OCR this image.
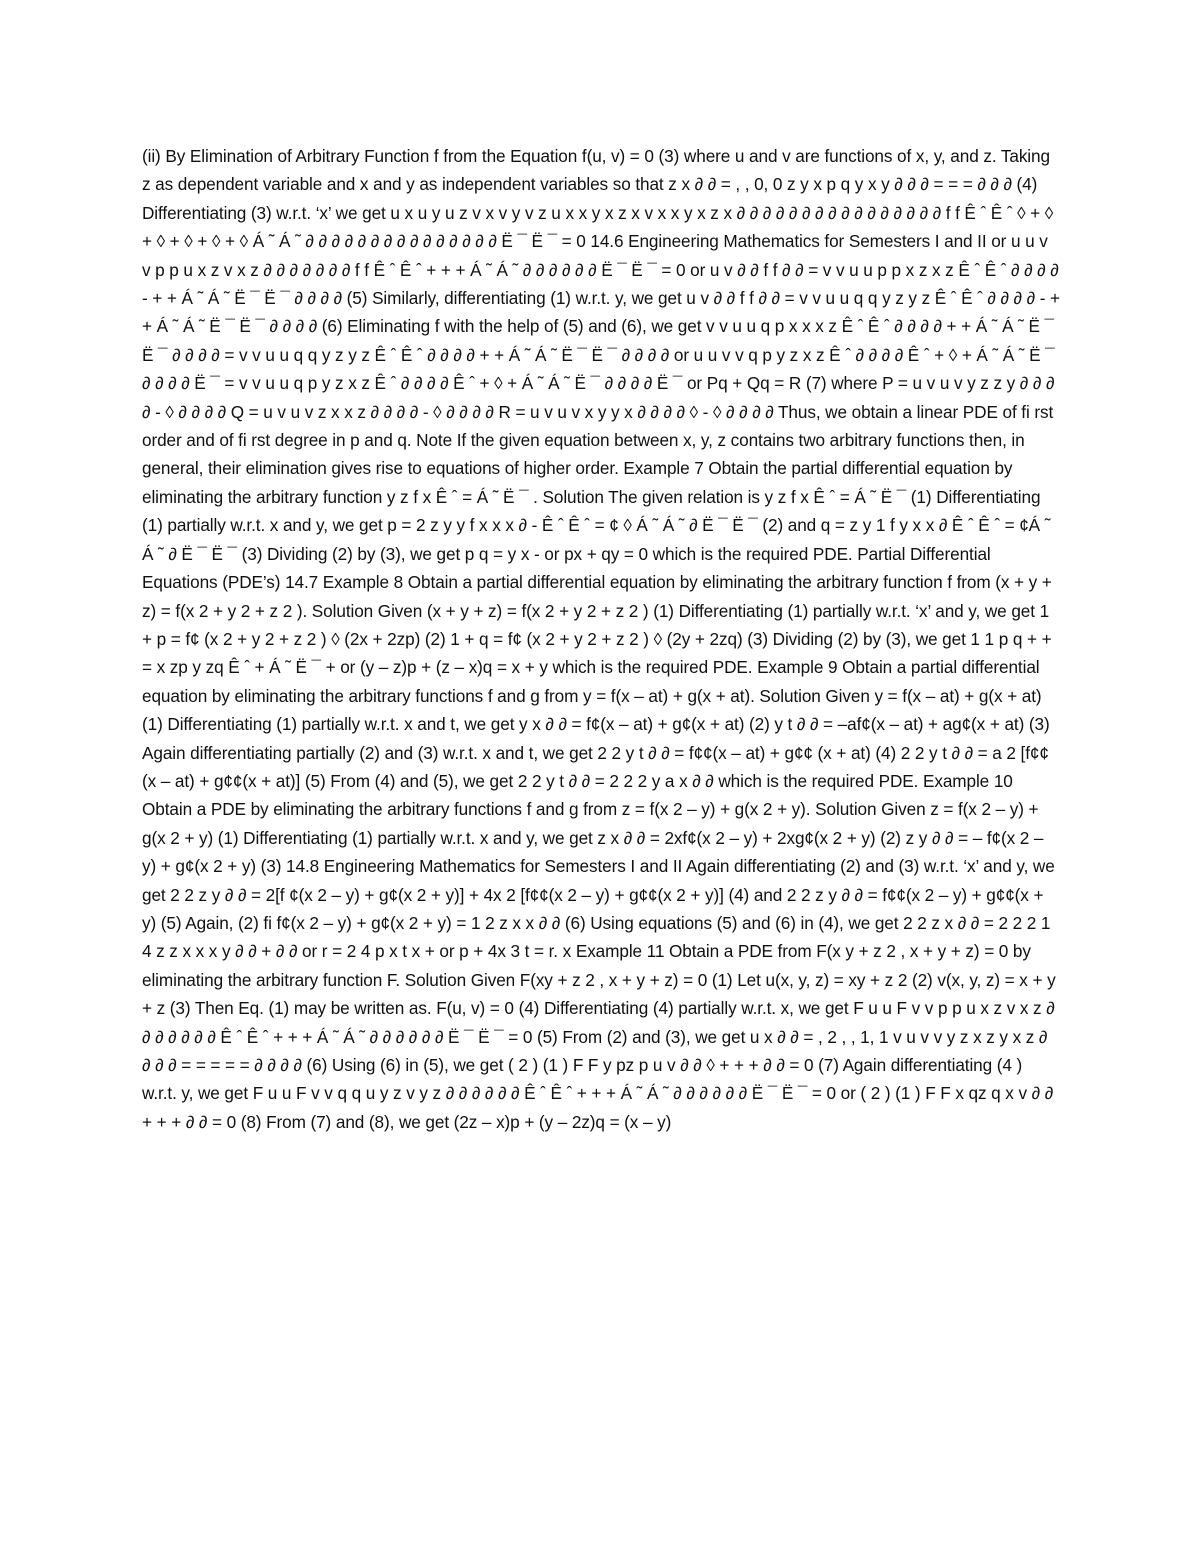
(ii) By Elimination of Arbitrary Function f from the Equation f(u, v) = 0 (3) where u and v are functions of x, y, and z. Taking z as dependent variable and x and y as independent variables so that z x ∂ ∂ = , , 0, 0 z y x p q y x y ∂ ∂ ∂ = = = ∂ ∂ ∂ (4) Differentiating (3) w.r.t. ‘x’ we get u x u y u z v x v y v z u x x y x z x v x x y x z x ∂ ∂ ∂ ∂ ∂ ∂ ∂ ∂ ∂ ∂ ∂ ∂ ∂ ∂ ∂ ∂ f f Ê ˆ Ê ˆ ◊ + ◊ + ◊ + ◊ + ◊ + ◊ Á ˜ Á ˜ ∂ ∂ ∂ ∂ ∂ ∂ ∂ ∂ ∂ ∂ ∂ ∂ ∂ ∂ ∂ Ë ¯ Ë ¯ = 0 14.6 Engineering Mathematics for Semesters I and II or u u v v p p u x z v x z ∂ ∂ ∂ ∂ ∂ ∂ ∂ f f Ê ˆ Ê ˆ + + + Á ˜ Á ˜ ∂ ∂ ∂ ∂ ∂ ∂ Ë ¯ Ë ¯ = 0 or u v ∂ ∂ f f ∂ ∂ = v v u u p p x z x z Ê ˆ Ê ˆ ∂ ∂ ∂ ∂ - + + Á ˜ Á ˜ Ë ¯ Ë ¯ ∂ ∂ ∂ ∂ (5) Similarly, differentiating (1) w.r.t. y, we get u v ∂ ∂ f f ∂ ∂ = v v u u q q y z y z Ê ˆ Ê ˆ ∂ ∂ ∂ ∂ - + + Á ˜ Á ˜ Ë ¯ Ë ¯ ∂ ∂ ∂ ∂ (6) Eliminating f with the help of (5) and (6), we get v v u u q p x x x z Ê ˆ Ê ˆ ∂ ∂ ∂ ∂ + + Á ˜ Á ˜ Ë ¯ Ë ¯ ∂ ∂ ∂ ∂ = v v u u q q y z y z Ê ˆ Ê ˆ ∂ ∂ ∂ ∂ + + Á ˜ Á ˜ Ë ¯ Ë ¯ ∂ ∂ ∂ ∂ or u u v v q p y z x z Ê ˆ ∂ ∂ ∂ ∂ Ê ˆ + ◊ + Á ˜ Á ˜ Ë ¯ ∂ ∂ ∂ ∂ Ë ¯ = v v u u q p y z x z Ê ˆ ∂ ∂ ∂ ∂ Ê ˆ + ◊ + Á ˜ Á ˜ Ë ¯ ∂ ∂ ∂ ∂ Ë ¯ or Pq + Qq = R (7) where P = u v u v y z z y ∂ ∂ ∂ ∂ - ◊ ∂ ∂ ∂ ∂ Q = u v u v z x x z ∂ ∂ ∂ ∂ - ◊ ∂ ∂ ∂ ∂ R = u v u v x y y x ∂ ∂ ∂ ∂ ◊ - ◊ ∂ ∂ ∂ ∂ Thus, we obtain a linear PDE of fi rst order and of fi rst degree in p and q. Note If the given equation between x, y, z contains two arbitrary functions then, in general, their elimination gives rise to equations of higher order. Example 7 Obtain the partial differential equation by eliminating the arbitrary function y z f x Ê ˆ = Á ˜ Ë ¯ . Solution The given relation is y z f x Ê ˆ = Á ˜ Ë ¯ (1) Differentiating (1) partially w.r.t. x and y, we get p = 2 z y y f x x x ∂ - Ê ˆ Ê ˆ = ¢ ◊ Á ˜ Á ˜ ∂ Ë ¯ Ë ¯ (2) and q = z y 1 f y x x ∂ Ê ˆ Ê ˆ = ¢Á ˜ Á ˜ ∂ Ë ¯ Ë ¯ (3) Dividing (2) by (3), we get p q = y x - or px + qy = 0 which is the required PDE. Partial Differential Equations (PDE’s) 14.7 Example 8 Obtain a partial differential equation by eliminating the arbitrary function f from (x + y + z) = f(x 2 + y 2 + z 2 ). Solution Given (x + y + z) = f(x 2 + y 2 + z 2 ) (1) Differentiating (1) partially w.r.t. ‘x’ and y, we get 1 + p = f¢ (x 2 + y 2 + z 2 ) ◊ (2x + 2zp) (2) 1 + q = f¢ (x 2 + y 2 + z 2 ) ◊ (2y + 2zq) (3) Dividing (2) by (3), we get 1 1 p q + + = x zp y zq Ê ˆ + Á ˜ Ë ¯ + or (y – z)p + (z – x)q = x + y which is the required PDE. Example 9 Obtain a partial differential equation by eliminating the arbitrary functions f and g from y = f(x – at) + g(x + at). Solution Given y = f(x – at) + g(x + at) (1) Differentiating (1) partially w.r.t. x and t, we get y x ∂ ∂ = f¢(x – at) + g¢(x + at) (2) y t ∂ ∂ = –af¢(x – at) + ag¢(x + at) (3) Again differentiating partially (2) and (3) w.r.t. x and t, we get 2 2 y t ∂ ∂ = f¢¢(x – at) + g¢¢ (x + at) (4) 2 2 y t ∂ ∂ = a 2 [f¢¢(x – at) + g¢¢(x + at)] (5) From (4) and (5), we get 2 2 y t ∂ ∂ = 2 2 2 y a x ∂ ∂ which is the required PDE. Example 10 Obtain a PDE by eliminating the arbitrary functions f and g from z = f(x 2 – y) + g(x 2 + y). Solution Given z = f(x 2 – y) + g(x 2 + y) (1) Differentiating (1) partially w.r.t. x and y, we get z x ∂ ∂ = 2xf¢(x 2 – y) + 2xg¢(x 2 + y) (2) z y ∂ ∂ = – f¢(x 2 – y) + g¢(x 2 + y) (3) 14.8 Engineering Mathematics for Semesters I and II Again differentiating (2) and (3) w.r.t. ‘x’ and y, we get 2 2 z y ∂ ∂ = 2[f ¢(x 2 – y) + g¢(x 2 + y)] + 4x 2 [f¢¢(x 2 – y) + g¢¢(x 2 + y)] (4) and 2 2 z y ∂ ∂ = f¢¢(x 2 – y) + g¢¢(x + y) (5) Again, (2) fi f¢(x 2 – y) + g¢(x 2 + y) = 1 2 z x x ∂ ∂ (6) Using equations (5) and (6) in (4), we get 2 2 z x ∂ ∂ = 2 2 2 1 4 z z x x x y ∂ ∂ + ∂ ∂ or r = 2 4 p x t x + or p + 4x 3 t = r. x Example 11 Obtain a PDE from F(x y + z 2 , x + y + z) = 0 by eliminating the arbitrary function F. Solution Given F(xy + z 2 , x + y + z) = 0 (1) Let u(x, y, z) = xy + z 2 (2) v(x, y, z) = x + y + z (3) Then Eq. (1) may be written as. F(u, v) = 0 (4) Differentiating (4) partially w.r.t. x, we get F u u F v v p p u x z v x z ∂ ∂ ∂ ∂ ∂ ∂ ∂ Ê ˆ Ê ˆ + + + Á ˜ Á ˜ ∂ ∂ ∂ ∂ ∂ ∂ Ë ¯ Ë ¯ = 0 (5) From (2) and (3), we get u x ∂ ∂ = , 2 , , 1, 1 v u v v y z x z y x z ∂ ∂ ∂ ∂ = = = = = ∂ ∂ ∂ ∂ (6) Using (6) in (5), we get ( 2 ) (1 ) F F y pz p u v ∂ ∂ ◊ + + + ∂ ∂ = 0 (7) Again differentiating (4 ) w.r.t. y, we get F u u F v v q q u y z v y z ∂ ∂ ∂ ∂ ∂ ∂ Ê ˆ Ê ˆ + + + Á ˜ Á ˜ ∂ ∂ ∂ ∂ ∂ ∂ Ë ¯ Ë ¯ = 0 or ( 2 ) (1 ) F F x qz q x v ∂ ∂ + + + ∂ ∂ = 0 (8) From (7) and (8), we get (2z – x)p + (y – 2z)q = (x – y)
